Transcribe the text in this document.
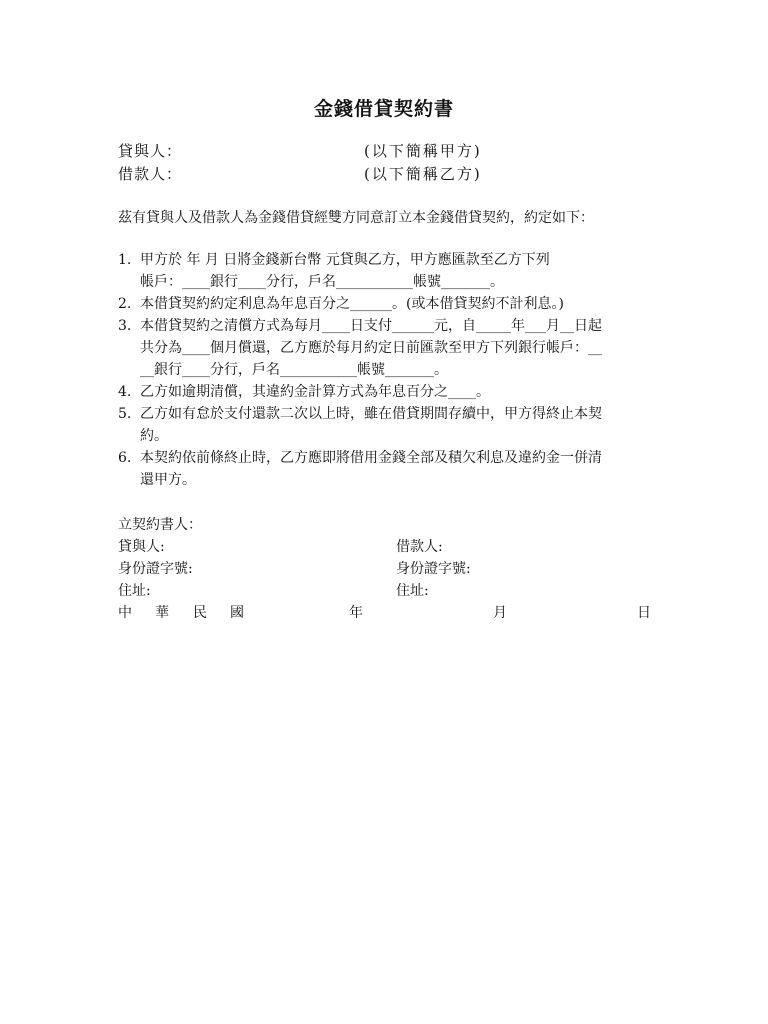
金錢借貸契約書
貸與人：	(以下簡稱甲方)
借款人：	(以下簡稱乙方)
茲有貸與人及借款人為金錢借貸經雙方同意訂立本金錢借貸契約，約定如下：
1. 甲方於 年 月 日將金錢新台幣 元貸與乙方，甲方應匯款至乙方下列
帳戶：____銀行____分行，戶名___________帳號_______。
2. 本借貸契約約定利息為年息百分之______。(或本借貸契約不計利息。)
3. 本借貸契約之清償方式為每月____日支付______元，自_____年___月__日起
共分為____個月償還，乙方應於每月約定日前匯款至甲方下列銀行帳戶：__
__銀行____分行，戶名___________帳號_______。
4. 乙方如逾期清償，其違約金計算方式為年息百分之____。
5. 乙方如有怠於支付還款二次以上時，雖在借貸期間存續中，甲方得終止本契
約。
6. 本契約依前條終止時，乙方應即將借用金錢全部及積欠利息及違約金一併清
還甲方。
立契約書人：
貸與人:	借款人:
身份證字號:	身份證字號:
住址:	住址:
中 華 民 國	年	月	日
